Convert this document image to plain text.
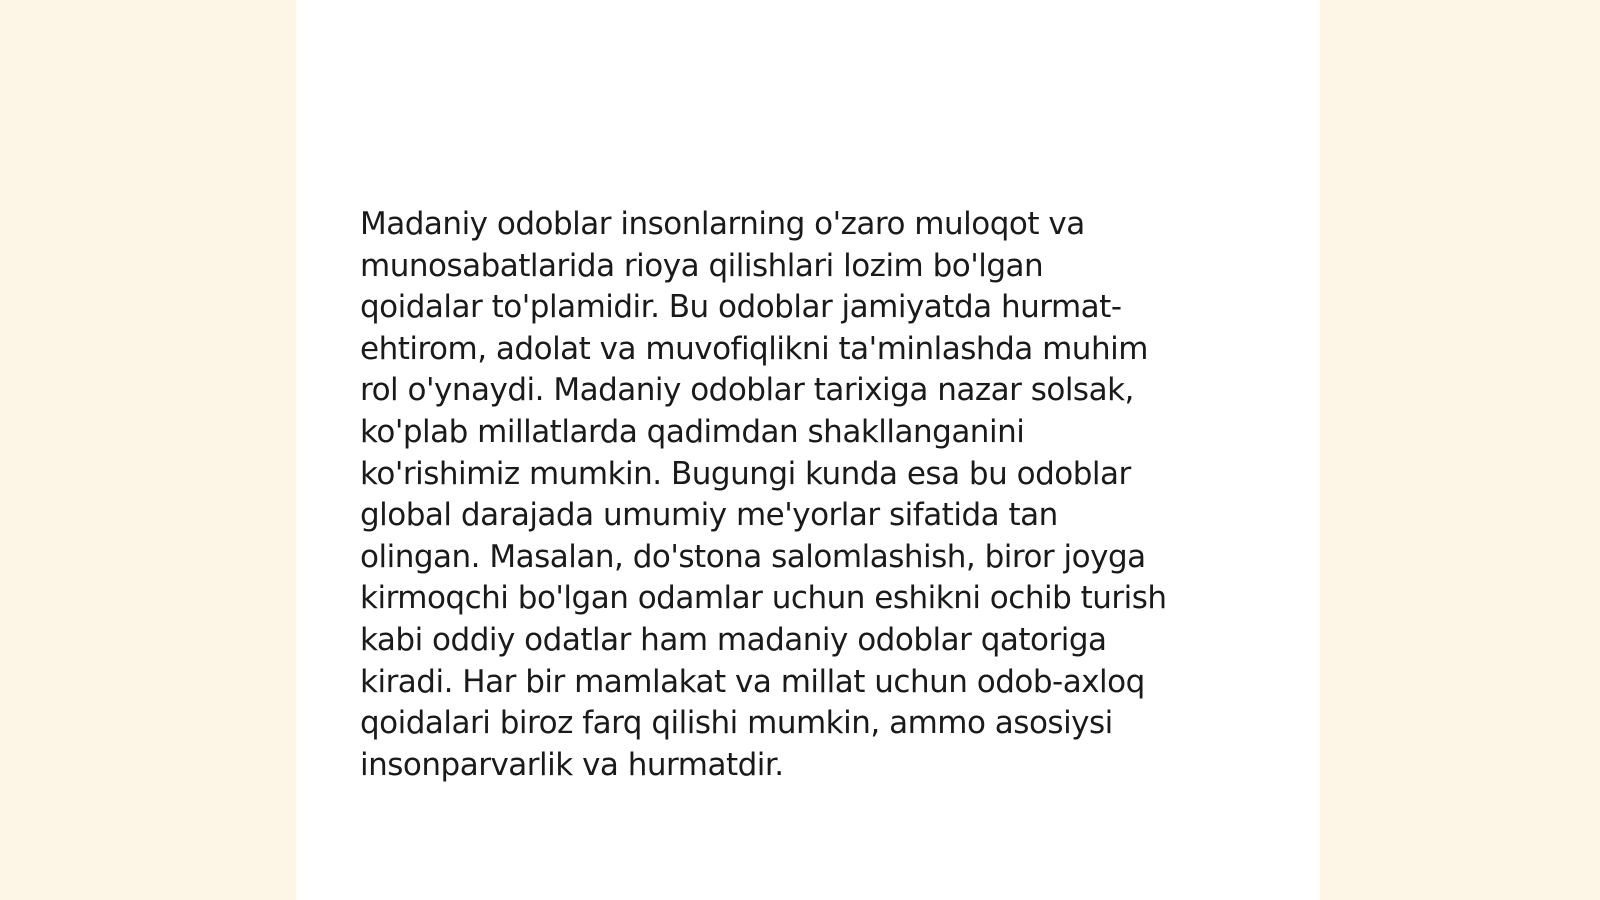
Madaniy odoblar insonlarning o'zaro muloqot va
munosabatlarida rioya qilishlari lozim bo'lgan
qoidalar to'plamidir. Bu odoblar jamiyatda hurmat-
ehtirom, adolat va muvofiqlikni ta'minlashda muhim
rol o'ynaydi. Madaniy odoblar tarixiga nazar solsak,
ko'plab millatlarda qadimdan shakllanganini
ko'rishimiz mumkin. Bugungi kunda esa bu odoblar
global darajada umumiy me'yorlar sifatida tan
olingan. Masalan, do'stona salomlashish, biror joyga
kirmoqchi bo'lgan odamlar uchun eshikni ochib turish
kabi oddiy odatlar ham madaniy odoblar qatoriga
kiradi. Har bir mamlakat va millat uchun odob-axloq
qoidalari biroz farq qilishi mumkin, ammo asosiysi
insonparvarlik va hurmatdir.
